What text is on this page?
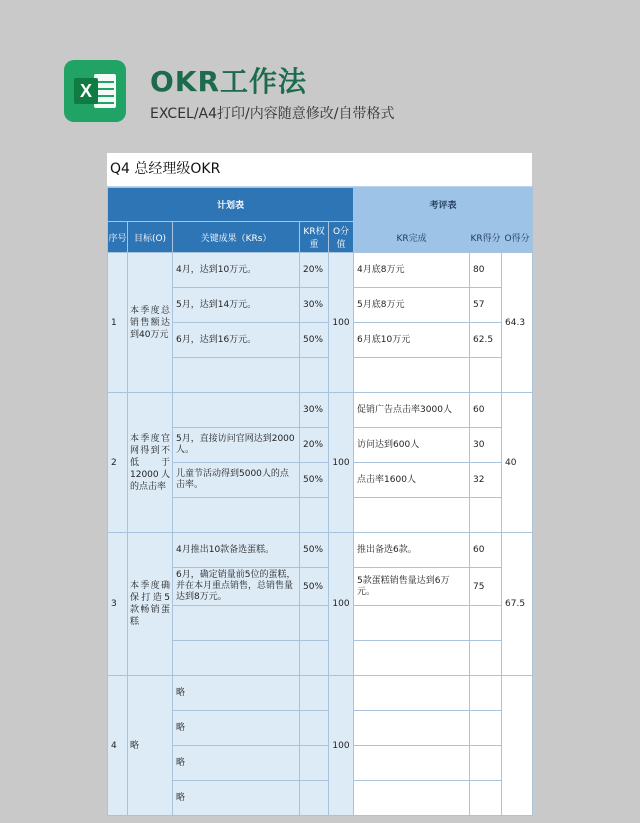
X OKR工作法
EXCEL/A4打印/内容随意修改/自带格式
Q4 总经理级OKR
计划表					考评表		
序号	目标(O)	关键成果（KRs）	KR权重	O分值	KR完成	KR得分	O得分
1	本季度总销售额达到40万元	4月，达到10万元。	20%	100	4月底8万元	80	64.3
		5月，达到14万元。	30%		5月底8万元	57	
		6月，达到16万元。	50%		6月底10万元	62.5	

2	本季度官网得到不低于12000人的点击率		30%	100	促销广告点击率3000人	60	40
		5月，直接访问官网达到2000人。	20%		访问达到600人	30	
		儿童节活动得到5000人的点击率。	50%		点击率1600人	32	

3	本季度确保打造5款畅销蛋糕	4月推出10款备选蛋糕。	50%	100	推出备选6款。	60	67.5
		6月，确定销量前5位的蛋糕，并在本月重点销售，总销售量达到8万元。	50%		5款蛋糕销售量达到6万元。	75	

4	略	略		100			
		略					
		略					
		略					
